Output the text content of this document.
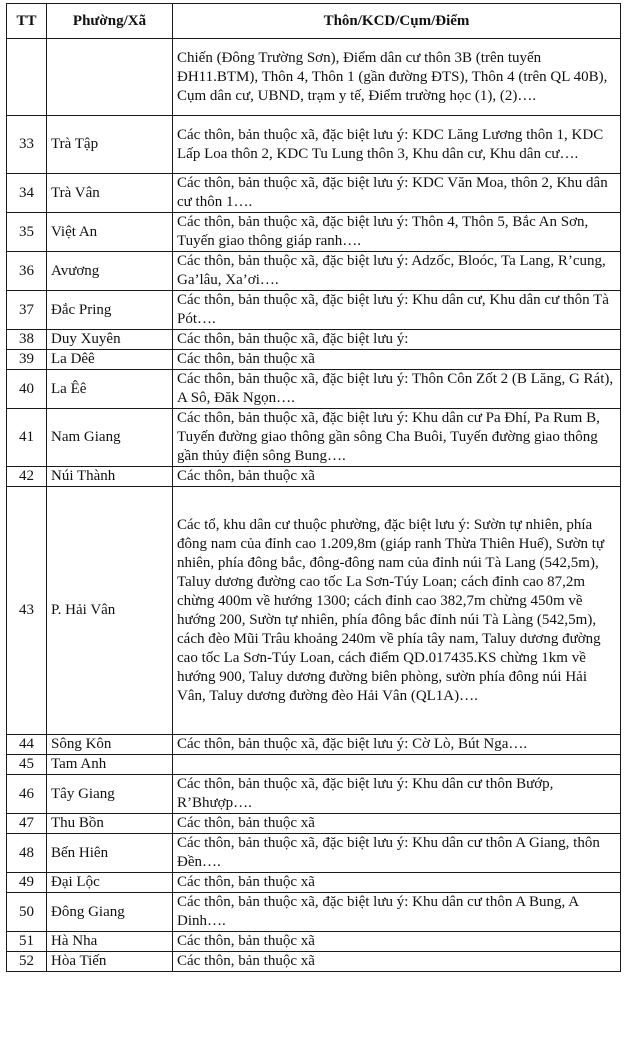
TT	Phường/Xã	Thôn/KCD/Cụm/Điểm
		Chiến (Đông Trường Sơn), Điểm dân cư thôn 3B (trên tuyến ĐH11.BTM), Thôn 4, Thôn 1 (gần đường ĐTS), Thôn 4 (trên QL 40B), Cụm dân cư, UBND, trạm y tế, Điểm trường học (1), (2)….
33	Trà Tập	Các thôn, bản thuộc xã, đặc biệt lưu ý: KDC Lăng Lương thôn 1, KDC Lấp Loa thôn 2, KDC Tu Lung thôn 3, Khu dân cư, Khu dân cư….
34	Trà Vân	Các thôn, bản thuộc xã, đặc biệt lưu ý: KDC Văn Moa, thôn 2, Khu dân cư thôn 1….
35	Việt An	Các thôn, bản thuộc xã, đặc biệt lưu ý: Thôn 4, Thôn 5, Bắc An Sơn, Tuyến giao thông giáp ranh….
36	Avương	Các thôn, bản thuộc xã, đặc biệt lưu ý: Adzốc, Bloóc, Ta Lang, R’cung, Ga’lâu, Xa’ơi….
37	Đắc Pring	Các thôn, bản thuộc xã, đặc biệt lưu ý: Khu dân cư, Khu dân cư thôn Tà Pót….
38	Duy Xuyên	Các thôn, bản thuộc xã, đặc biệt lưu ý:
39	La Dêê	Các thôn, bản thuộc xã
40	La Êê	Các thôn, bản thuộc xã, đặc biệt lưu ý: Thôn Côn Zốt 2 (B Lăng, G Rát), A Sô, Đăk Ngọn….
41	Nam Giang	Các thôn, bản thuộc xã, đặc biệt lưu ý: Khu dân cư Pa Đhí, Pa Rum B, Tuyến đường giao thông gần sông Cha Buôi, Tuyến đường giao thông gần thủy điện sông Bung….
42	Núi Thành	Các thôn, bản thuộc xã
43	P. Hải Vân	Các tổ, khu dân cư thuộc phường, đặc biệt lưu ý: Sườn tự nhiên, phía đông nam của đỉnh cao 1.209,8m (giáp ranh Thừa Thiên Huế), Sườn tự nhiên, phía đông bắc, đông-đông nam của đỉnh núi Tà Lang (542,5m), Taluy dương đường cao tốc La Sơn-Túy Loan; cách đỉnh cao 87,2m chừng 400m về hướng 1300; cách đỉnh cao 382,7m chừng 450m về hướng 200, Sườn tự nhiên, phía đông bắc đỉnh núi Tà Làng (542,5m), cách đèo Mũi Trâu khoảng 240m về phía tây nam, Taluy dương đường cao tốc La Sơn-Túy Loan, cách điểm QD.017435.KS chừng 1km về hướng 900, Taluy dương đường biên phòng, sườn phía đông núi Hải Vân, Taluy dương đường đèo Hải Vân (QL1A)….
44	Sông Kôn	Các thôn, bản thuộc xã, đặc biệt lưu ý: Cờ Lò, Bút Nga….
45	Tam Anh	
46	Tây Giang	Các thôn, bản thuộc xã, đặc biệt lưu ý: Khu dân cư thôn Bướp, R’Bhượp….
47	Thu Bồn	Các thôn, bản thuộc xã
48	Bến Hiên	Các thôn, bản thuộc xã, đặc biệt lưu ý: Khu dân cư thôn A Giang, thôn Đền….
49	Đại Lộc	Các thôn, bản thuộc xã
50	Đông Giang	Các thôn, bản thuộc xã, đặc biệt lưu ý: Khu dân cư thôn A Bung, A Dinh….
51	Hà Nha	Các thôn, bản thuộc xã
52	Hòa Tiến	Các thôn, bản thuộc xã
